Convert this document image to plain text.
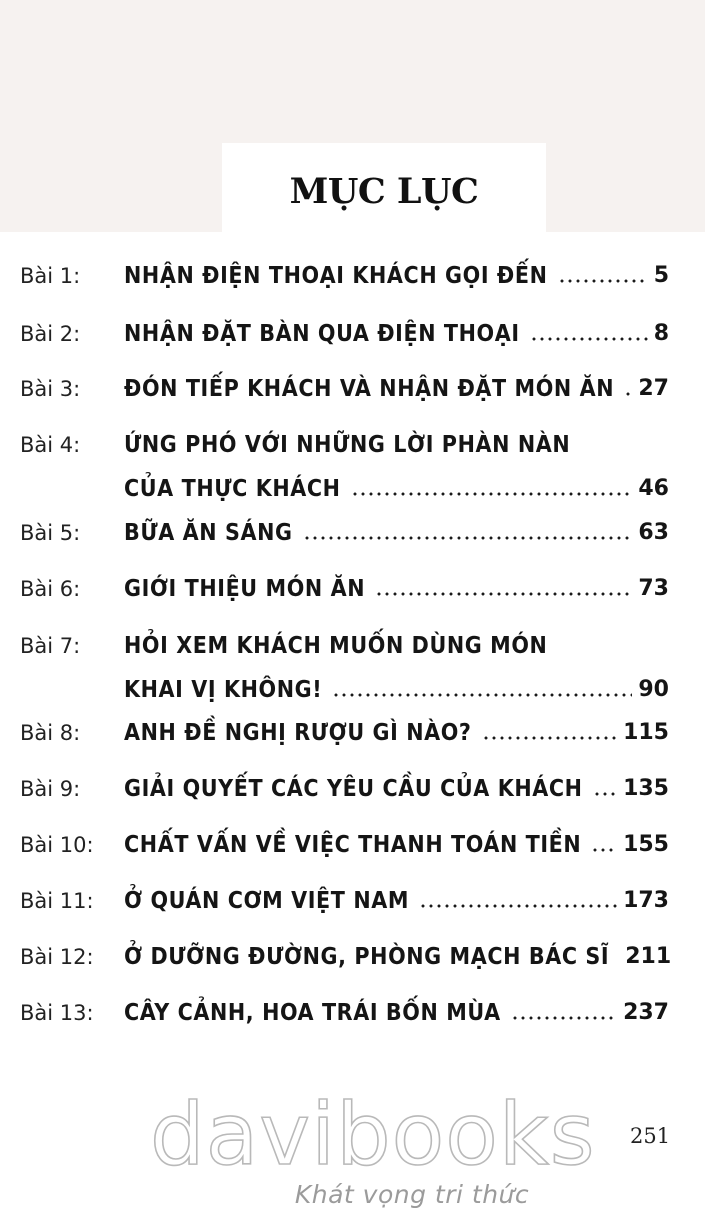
MỤC LỤC
Bài 1:	NHẬN ĐIỆN THOẠI KHÁCH GỌI ĐẾN	5
Bài 2:	NHẬN ĐẶT BÀN QUA ĐIỆN THOẠI	8
Bài 3:	ĐÓN TIẾP KHÁCH VÀ NHẬN ĐẶT MÓN ĂN 27
Bài 4:	ỨNG PHÓ VỚI NHỮNG LỜI PHÀN NÀN
CỦA THỰC KHÁCH	46
Bài 5:	BỮA ĂN SÁNG	63
Bài 6:	GIỚI THIỆU MÓN ĂN	73
Bài 7:	HỎI XEM KHÁCH MUỐN DÙNG MÓN
KHAI VỊ KHÔNG!	90
Bài 8:	ANH ĐỀ NGHỊ RƯỢU GÌ NÀO?	115
Bài 9:	GIẢI QUYẾT CÁC YÊU CẦU CỦA KHÁCH 135
Bài 10:	CHẤT VẤN VỀ VIỆC THANH TOÁN TIỀN 155
Bài 11:	Ở QUÁN CƠM VIỆT NAM	173
Bài 12:	Ở DƯỠNG ĐƯỜNG, PHÒNG MẠCH BÁC SĨ 211
Bài 13:	CÂY CẢNH, HOA TRÁI BỐN MÙA	237
251
davibooks
Khát vọng tri thức
